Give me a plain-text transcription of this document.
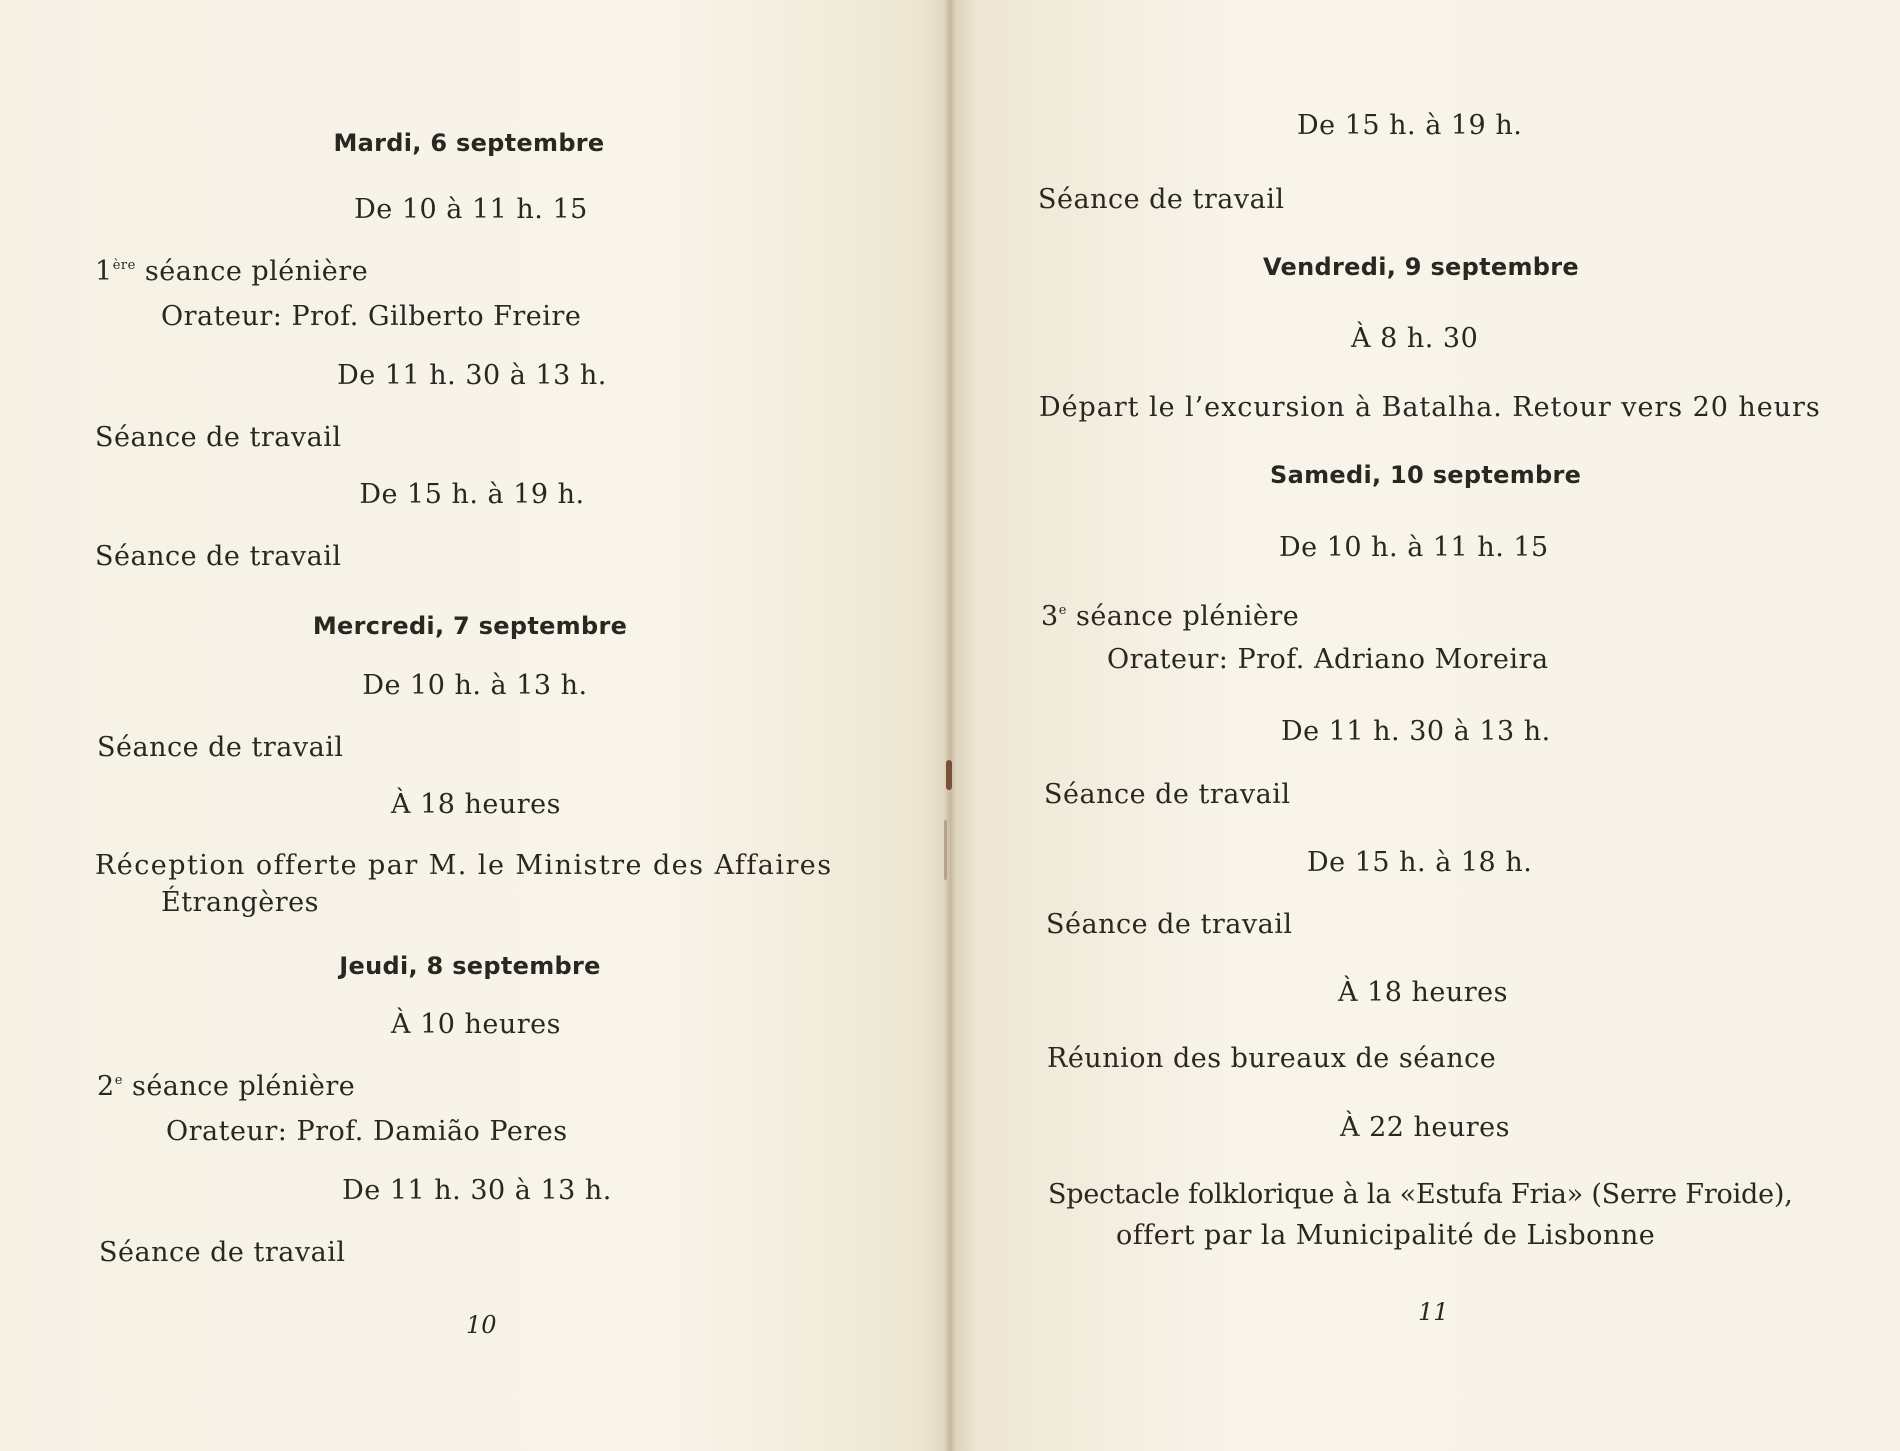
Mardi, 6 septembre
De 10 à 11 h. 15
1ère séance plénière
Orateur: Prof. Gilberto Freire
De 11 h. 30 à 13 h.
Séance de travail
De 15 h. à 19 h.
Séance de travail
Mercredi, 7 septembre
De 10 h. à 13 h.
Séance de travail
À 18 heures
Réception offerte par M. le Ministre des Affaires
Étrangères
Jeudi, 8 septembre
À 10 heures
2e séance plénière
Orateur: Prof. Damião Peres
De 11 h. 30 à 13 h.
Séance de travail
10
De 15 h. à 19 h.
Séance de travail
Vendredi, 9 septembre
À 8 h. 30
Départ le l’excursion à Batalha. Retour vers 20 heurs
Samedi, 10 septembre
De 10 h. à 11 h. 15
3e séance plénière
Orateur: Prof. Adriano Moreira
De 11 h. 30 à 13 h.
Séance de travail
De 15 h. à 18 h.
Séance de travail
À 18 heures
Réunion des bureaux de séance
À 22 heures
Spectacle folklorique à la «Estufa Fria» (Serre Froide),
offert par la Municipalité de Lisbonne
11
